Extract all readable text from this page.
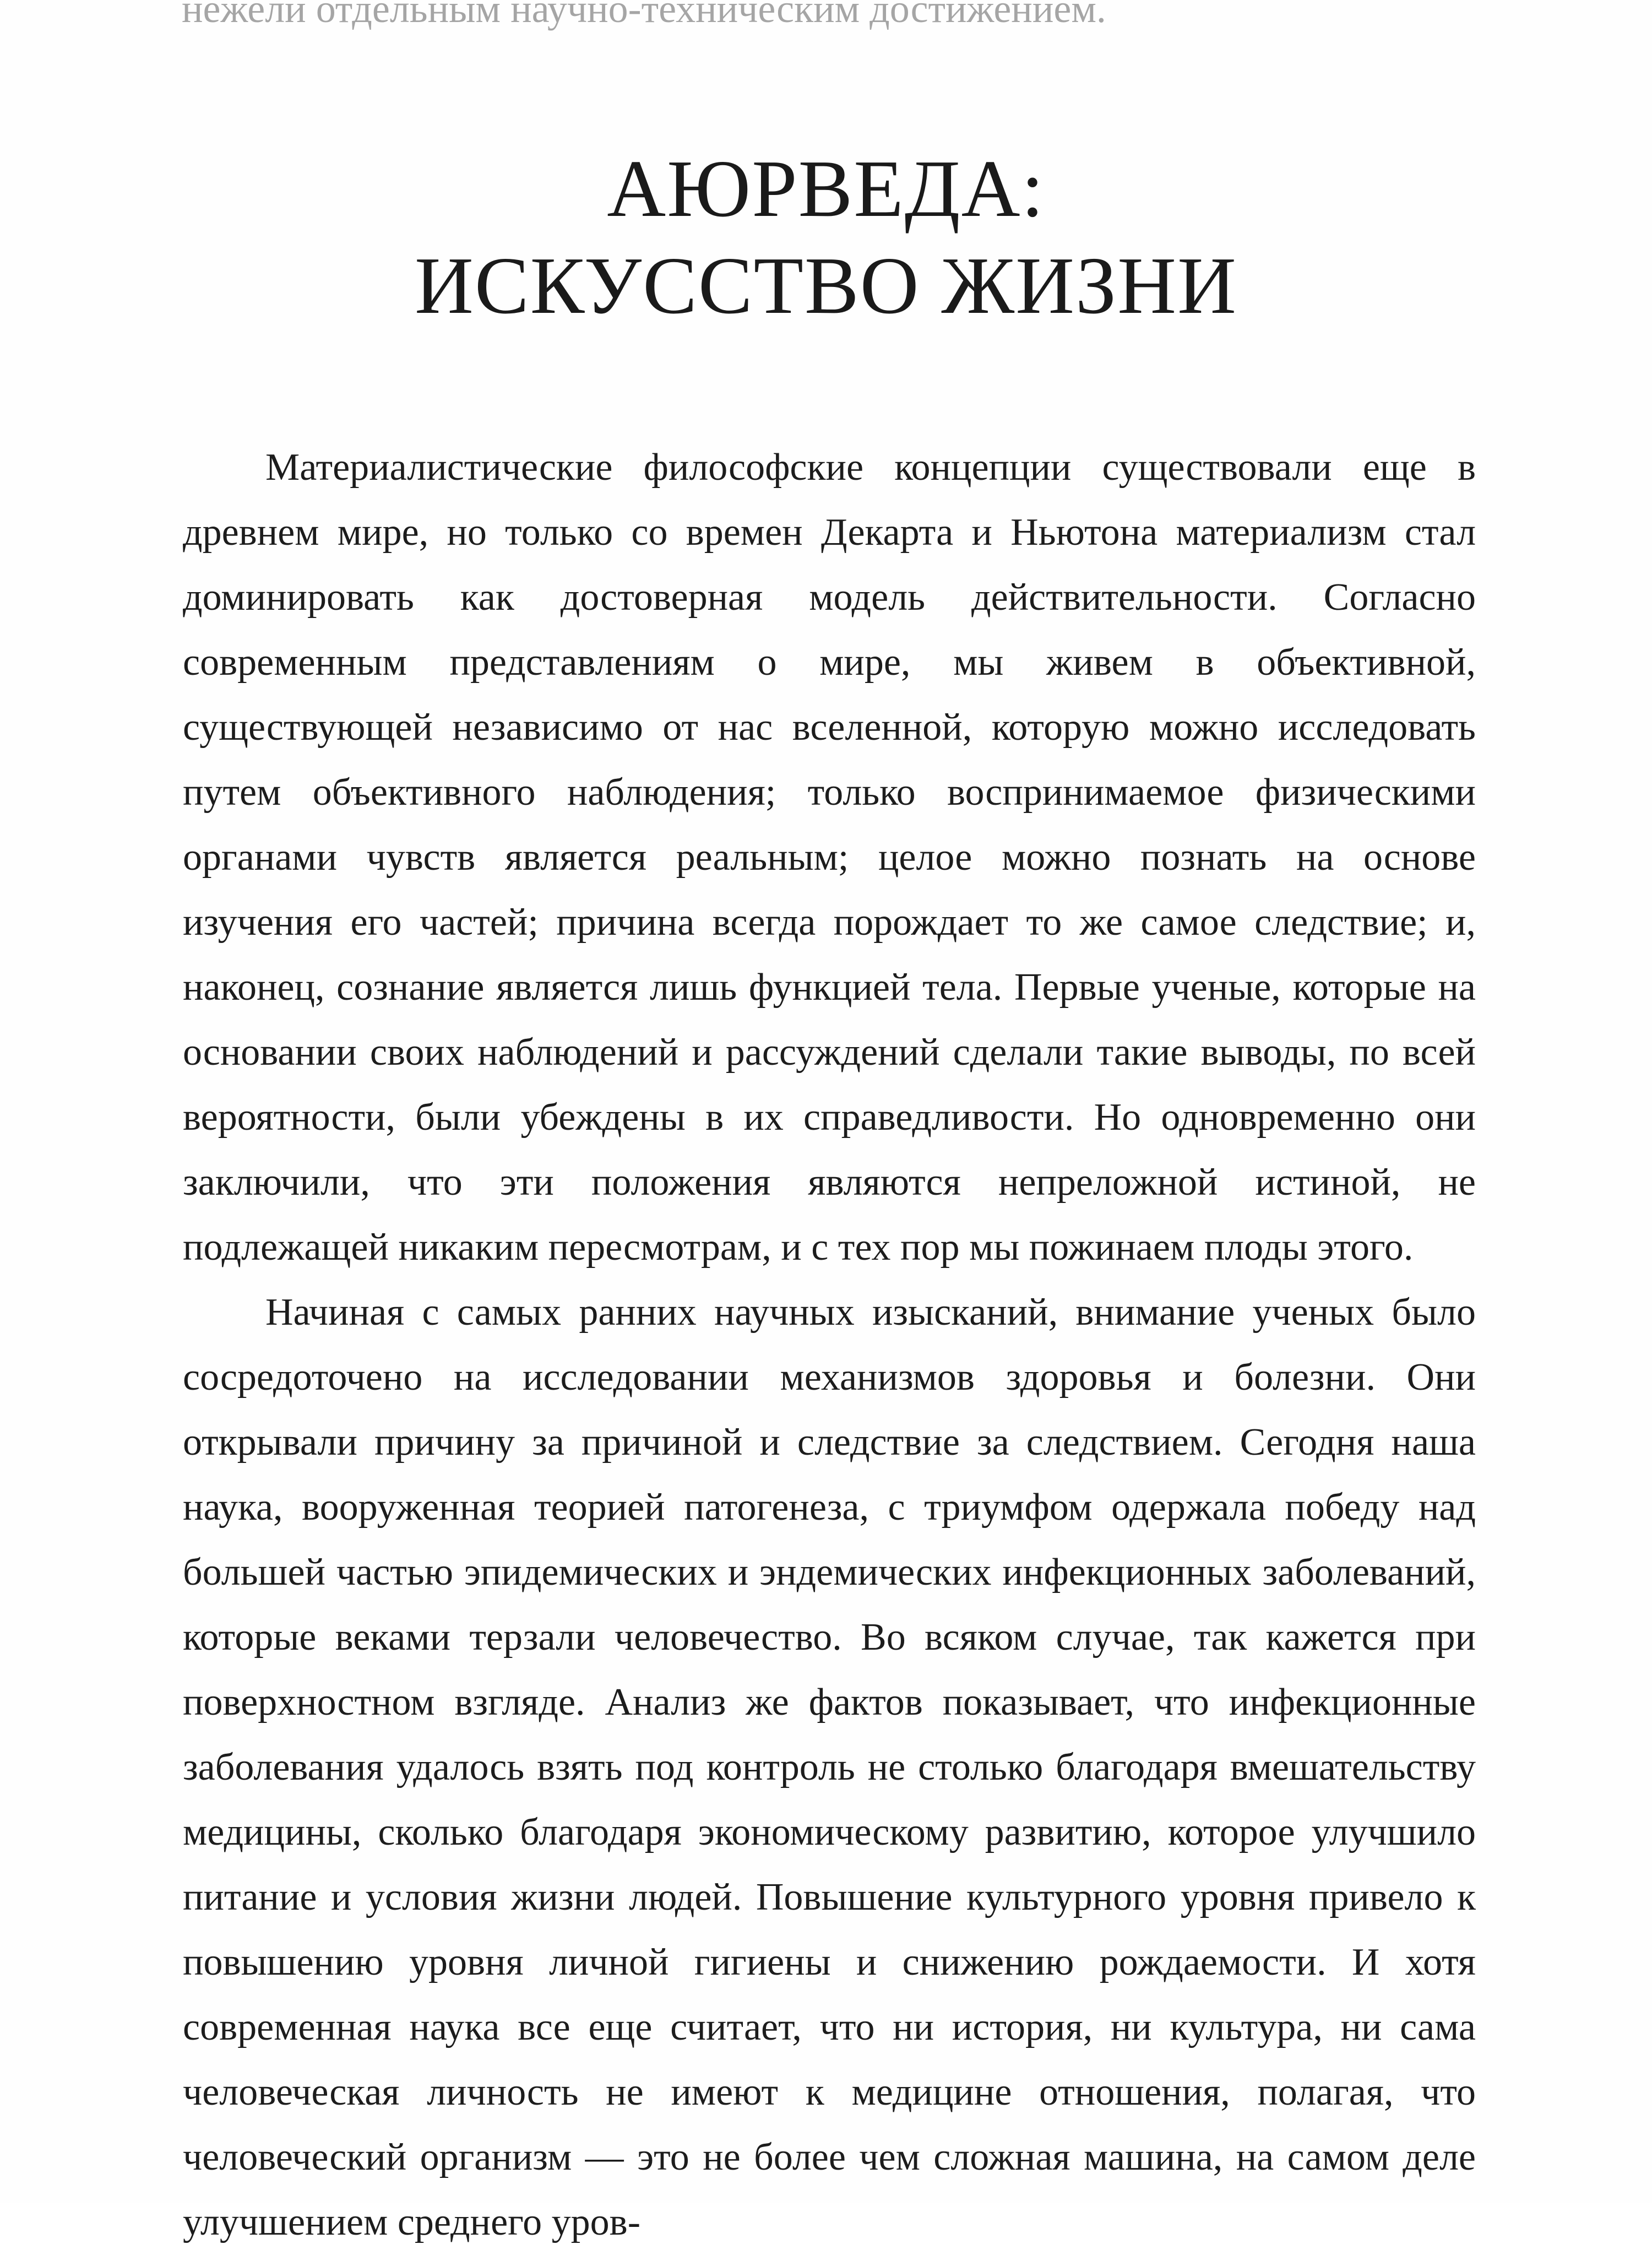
нежели отдельным научно-техническим достижением.
АЮРВЕДА:
ИСКУССТВО ЖИЗНИ

Материалистические философские концепции существовали еще в древнем мире, но только со времен Декарта и Ньютона материализм стал доминировать как достоверная модель действительности. Согласно современным представлениям о мире, мы живем в объективной, существующей независимо от нас вселенной, которую можно исследовать путем объективного наблюдения; только воспринимаемое физическими органами чувств является реальным; целое можно познать на основе изучения его частей; причина всегда порождает то же самое следствие; и, наконец, сознание является лишь функцией тела. Первые ученые, которые на основании своих наблюдений и рассуждений сделали такие выводы, по всей вероятности, были убеждены в их справедливости. Но одновременно они заключили, что эти положения являются непреложной истиной, не подлежащей никаким пересмотрам, и с тех пор мы пожинаем плоды этого.

Начиная с самых ранних научных изысканий, внимание ученых было сосредоточено на исследовании механизмов здоровья и болезни. Они открывали причину за причиной и следствие за следствием. Сегодня наша наука, вооруженная теорией патогенеза, с триумфом одержала победу над большей частью эпидемических и эндемических инфекционных заболеваний, которые веками терзали человечество. Во всяком случае, так кажется при поверхностном взгляде. Анализ же фактов показывает, что инфекционные заболевания удалось взять под контроль не столько благодаря вмешательству медицины, сколько благодаря экономическому развитию, которое улучшило питание и условия жизни людей. Повышение культурного уровня привело к повышению уровня личной гигиены и снижению рождаемости. И хотя современная наука все еще считает, что ни история, ни культура, ни сама человеческая личность не имеют к медицине отношения, полагая, что человеческий организм — это не более чем сложная машина, на самом деле улучшением среднего уров-
